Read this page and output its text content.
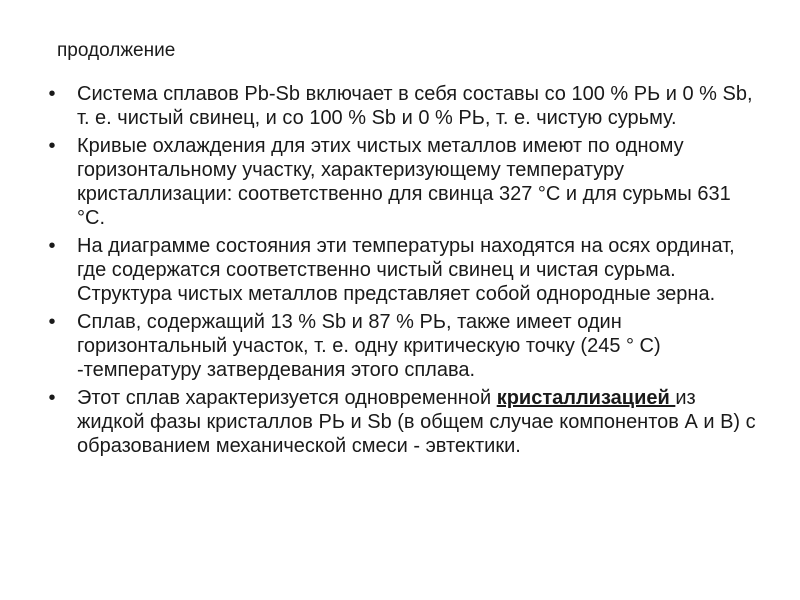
продолжение
• Система сплавов Pb-Sb включает в себя составы со 100 % РЬ и 0 % Sb, т. е. чистый свинец, и со 100 % Sb и 0 % РЬ, т. е. чистую сурьму.
• Кривые охлаждения для этих чистых металлов имеют по одному горизонтальному участку, характеризующему температуру кристаллизации: соответственно для свинца 327 °С и для сурьмы 631 °С.
• На диаграмме состояния эти температуры находятся на осях ординат, где содержатся соответственно чистый свинец и чистая сурьма. Структура чистых металлов представляет собой однородные зерна.
• Сплав, содержащий 13 % Sb и 87 % РЬ, также имеет один горизонтальный участок, т. е. одну критическую точку (245 ° С) -температуру затвердевания этого сплава.
• Этот сплав характеризуется одновременной кристаллизацией из жидкой фазы кристаллов РЬ и Sb (в общем случае компонентов А и В) с образованием механической смеси - эвтектики.
